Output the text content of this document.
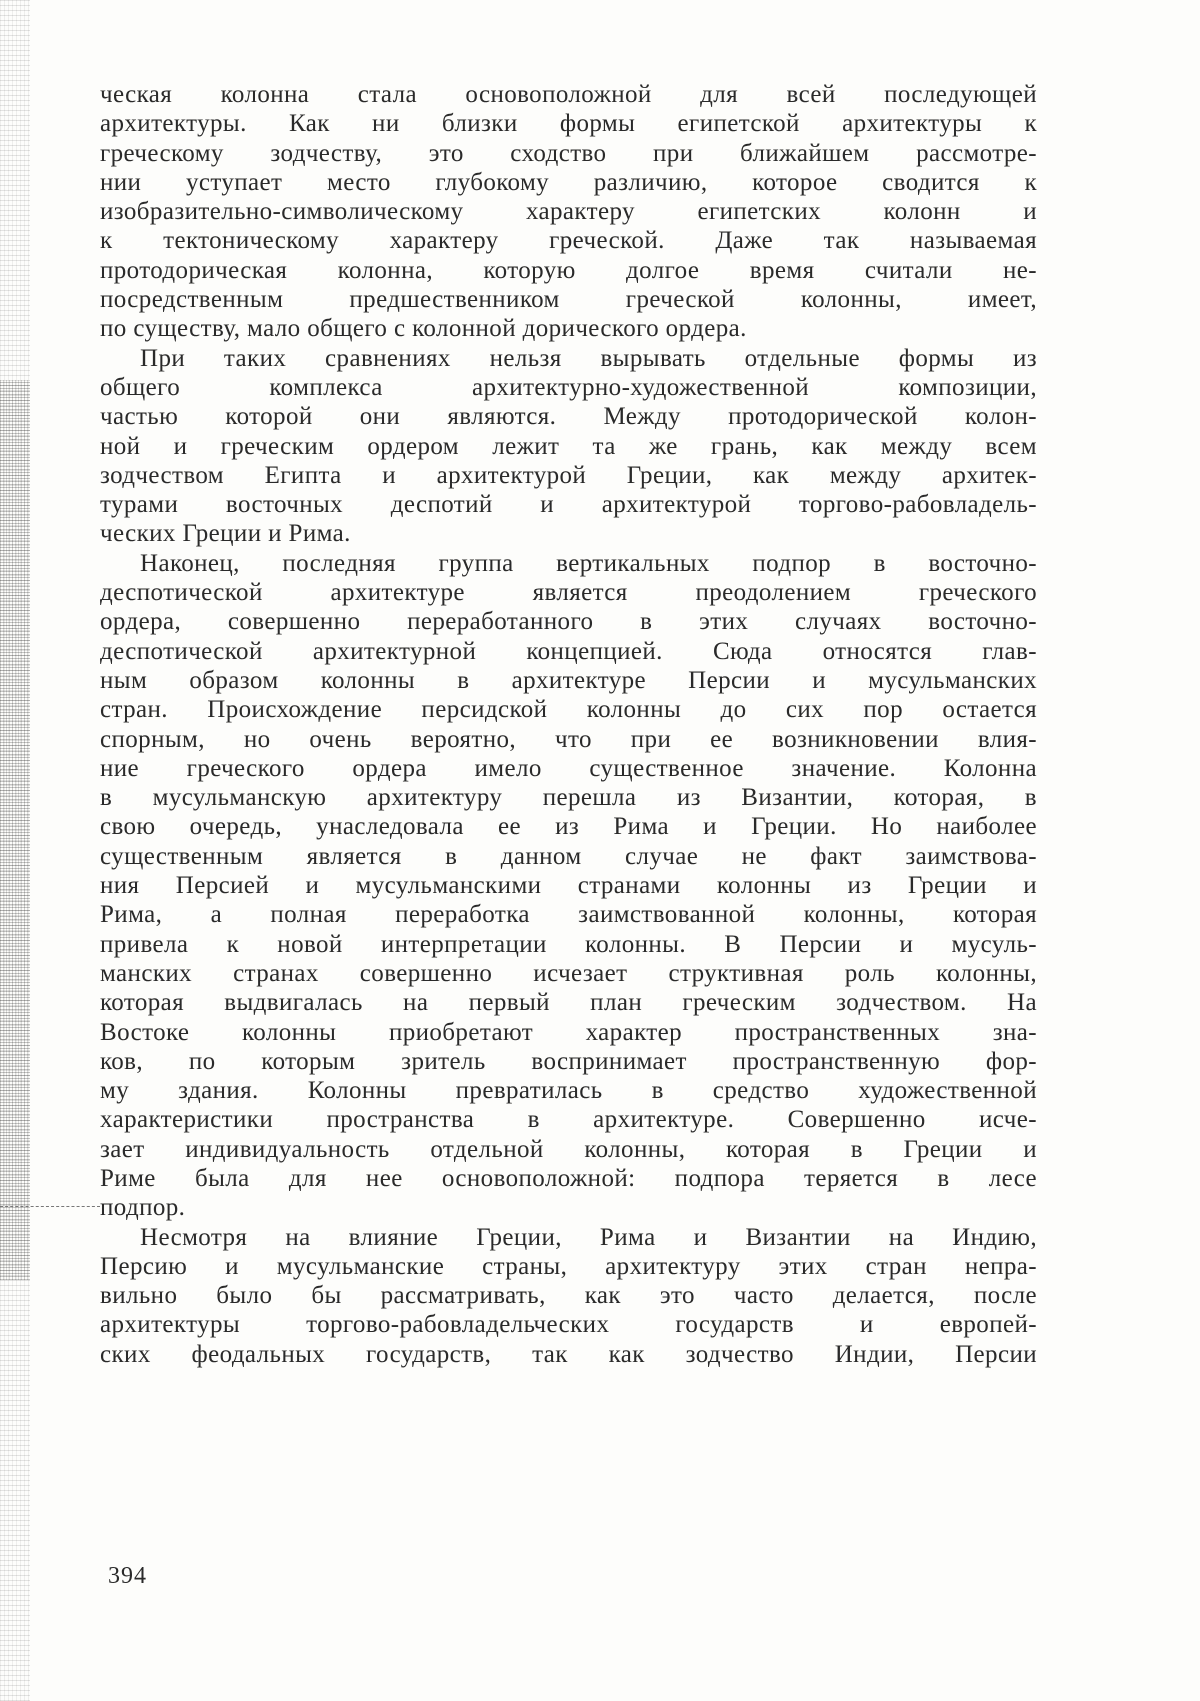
ческая колонна стала основоположной для всей последующей
архитектуры. Как ни близки формы египетской архитектуры к
греческому зодчеству, это сходство при ближайшем рассмотре-
нии уступает место глубокому различию, которое сводится к
изобразительно-символическому характеру египетских колонн и
к тектоническому характеру греческой. Даже так называемая
протодорическая колонна, которую долгое время считали не-
посредственным предшественником греческой колонны, имеет,
по существу, мало общего с колонной дорического ордера.
При таких сравнениях нельзя вырывать отдельные формы из
общего комплекса архитектурно-художественной композиции,
частью которой они являются. Между протодорической колон-
ной и греческим ордером лежит та же грань, как между всем
зодчеством Египта и архитектурой Греции, как между архитек-
турами восточных деспотий и архитектурой торгово-рабовладель-
ческих Греции и Рима.
Наконец, последняя группа вертикальных подпор в восточно-
деспотической архитектуре является преодолением греческого
ордера, совершенно переработанного в этих случаях восточно-
деспотической архитектурной концепцией. Сюда относятся глав-
ным образом колонны в архитектуре Персии и мусульманских
стран. Происхождение персидской колонны до сих пор остается
спорным, но очень вероятно, что при ее возникновении влия-
ние греческого ордера имело существенное значение. Колонна
в мусульманскую архитектуру перешла из Византии, которая, в
свою очередь, унаследовала ее из Рима и Греции. Но наиболее
существенным является в данном случае не факт заимствова-
ния Персией и мусульманскими странами колонны из Греции и
Рима, а полная переработка заимствованной колонны, которая
привела к новой интерпретации колонны. В Персии и мусуль-
манских странах совершенно исчезает структивная роль колонны,
которая выдвигалась на первый план греческим зодчеством. На
Востоке колонны приобретают характер пространственных зна-
ков, по которым зритель воспринимает пространственную фор-
му здания. Колонны превратилась в средство художественной
характеристики пространства в архитектуре. Совершенно исче-
зает индивидуальность отдельной колонны, которая в Греции и
Риме была для нее основоположной: подпора теряется в лесе
подпор.
Несмотря на влияние Греции, Рима и Византии на Индию,
Персию и мусульманские страны, архитектуру этих стран непра-
вильно было бы рассматривать, как это часто делается, после
архитектуры торгово-рабовладельческих государств и европей-
ских феодальных государств, так как зодчество Индии, Персии
394
